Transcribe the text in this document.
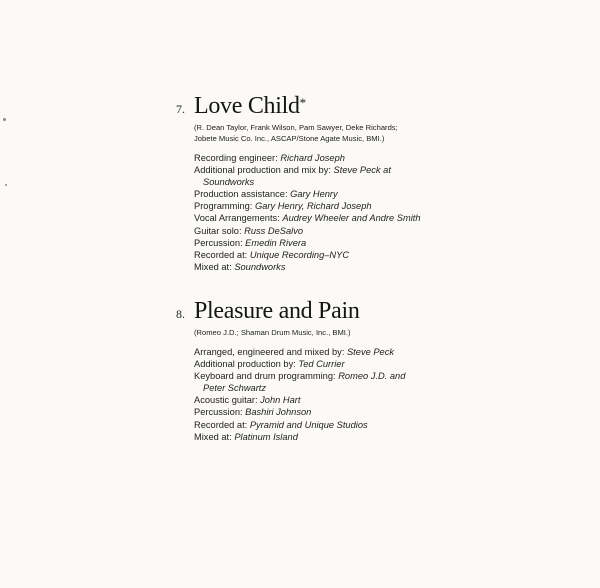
7. Love Child*
(R. Dean Taylor, Frank Wilson, Pam Sawyer, Deke Richards;
Jobete Music Co. Inc., ASCAP/Stone Agate Music, BMI.)
Recording engineer: Richard Joseph
Additional production and mix by: Steve Peck at
Soundworks
Production assistance: Gary Henry
Programming: Gary Henry, Richard Joseph
Vocal Arrangements: Audrey Wheeler and Andre Smith
Guitar solo: Russ DeSalvo
Percussion: Emedin Rivera
Recorded at: Unique Recording–NYC
Mixed at: Soundworks
8. Pleasure and Pain
(Romeo J.D.; Shaman Drum Music, Inc., BMI.)
Arranged, engineered and mixed by: Steve Peck
Additional production by: Ted Currier
Keyboard and drum programming: Romeo J.D. and
Peter Schwartz
Acoustic guitar: John Hart
Percussion: Bashiri Johnson
Recorded at: Pyramid and Unique Studios
Mixed at: Platinum Island
